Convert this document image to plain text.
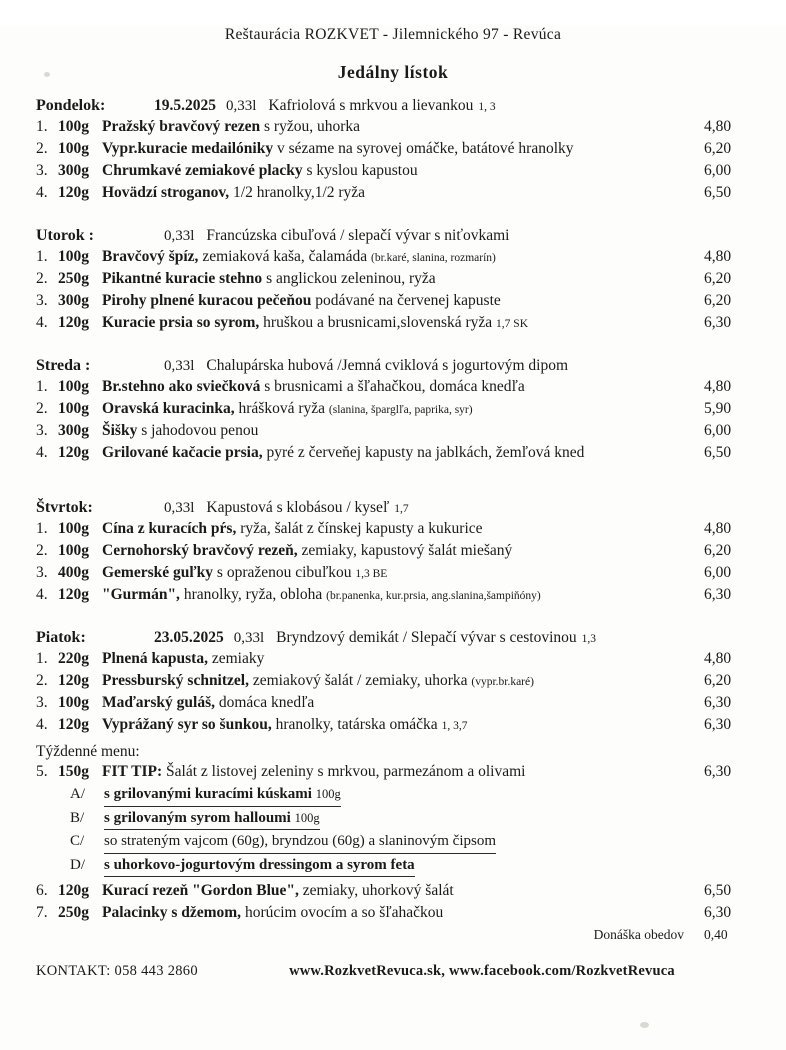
Reštaurácia ROZKVET - Jilemnického 97 - Revúca
Jedálny lístok
Pondelok:	19.5.2025 0,33l Kafriolová s mrkvou a lievankou 1, 3
1. 100g Pražský bravčový rezen s ryžou, uhorka	4,80
2. 100g Vypr.kuracie medailóniky v sézame na syrovej omáčke, batátové hranolky	6,20
3. 300g Chrumkavé zemiakové placky s kyslou kapustou	6,00
4. 120g Hovädzí stroganov, 1/2 hranolky,1/2 ryža	6,50
Utorok :	0,33l Francúzska cibuľová / slepačí vývar s niťovkami
1. 100g Bravčový špíz, zemiaková kaša, čalamáda (br.karé, slanina, rozmarín)	4,80
2. 250g Pikantné kuracie stehno s anglickou zeleninou, ryža	6,20
3. 300g Pirohy plnené kuracou pečeňou podávané na červenej kapuste	6,20
4. 120g Kuracie prsia so syrom, hruškou a brusnicami,slovenská ryža 1,7 SK	6,30
Streda :	0,33l Chalupárska hubová /Jemná cviklová s jogurtovým dipom
1. 100g Br.stehno ako sviečková s brusnicami a šľahačkou, domáca knedľa	4,80
2. 100g Oravská kuracinka, hrášková ryža (slanina, šparglľa, paprika, syr)	5,90
3. 300g Šišky s jahodovou penou	6,00
4. 120g Grilované kačacie prsia, pyré z červeňej kapusty na jablkách, žemľová kned	6,50
Štvrtok:	0,33l Kapustová s klobásou / kyseľ 1,7
1. 100g Cína z kuracích pŕs, ryža, šalát z čínskej kapusty a kukurice	4,80
2. 100g Cernohorský bravčový rezeň, zemiaky, kapustový šalát miešaný	6,20
3. 400g Gemerské guľky s opraženou cibuľkou 1,3 BE	6,00
4. 120g "Gurmán", hranolky, ryža, obloha (br.panenka, kur.prsia, ang.slanina,šampiňóny)	6,30
Piatok:	23.05.2025 0,33l Bryndzový demikát / Slepačí vývar s cestovinou 1,3
1. 220g Plnená kapusta, zemiaky	4,80
2. 120g Pressburský schnitzel, zemiakový šalát / zemiaky, uhorka (vypr.br.karé)	6,20
3. 100g Maďarský guláš, domáca knedľa	6,30
4. 120g Vyprážaný syr so šunkou, hranolky, tatárska omáčka 1, 3,7	6,30
Týždenné menu:
5. 150g FIT TIP: Šalát z listovej zeleniny s mrkvou, parmezánom a olivami	6,30
A/	s grilovanými kuracími kúskami 100g
B/	s grilovaným syrom halloumi 100g
C/	so strateným vajcom (60g), bryndzou (60g) a slaninovým čipsom
D/	s uhorkovo-jogurtovým dressingom a syrom feta
6. 120g Kurací rezeň "Gordon Blue", zemiaky, uhorkový šalát	6,50
7. 250g Palacinky s džemom, horúcim ovocím a so šľahačkou	6,30
Donáška obedov 0,40
KONTAKT: 058 443 2860	www.RozkvetRevuca.sk, www.facebook.com/RozkvetRevuca
